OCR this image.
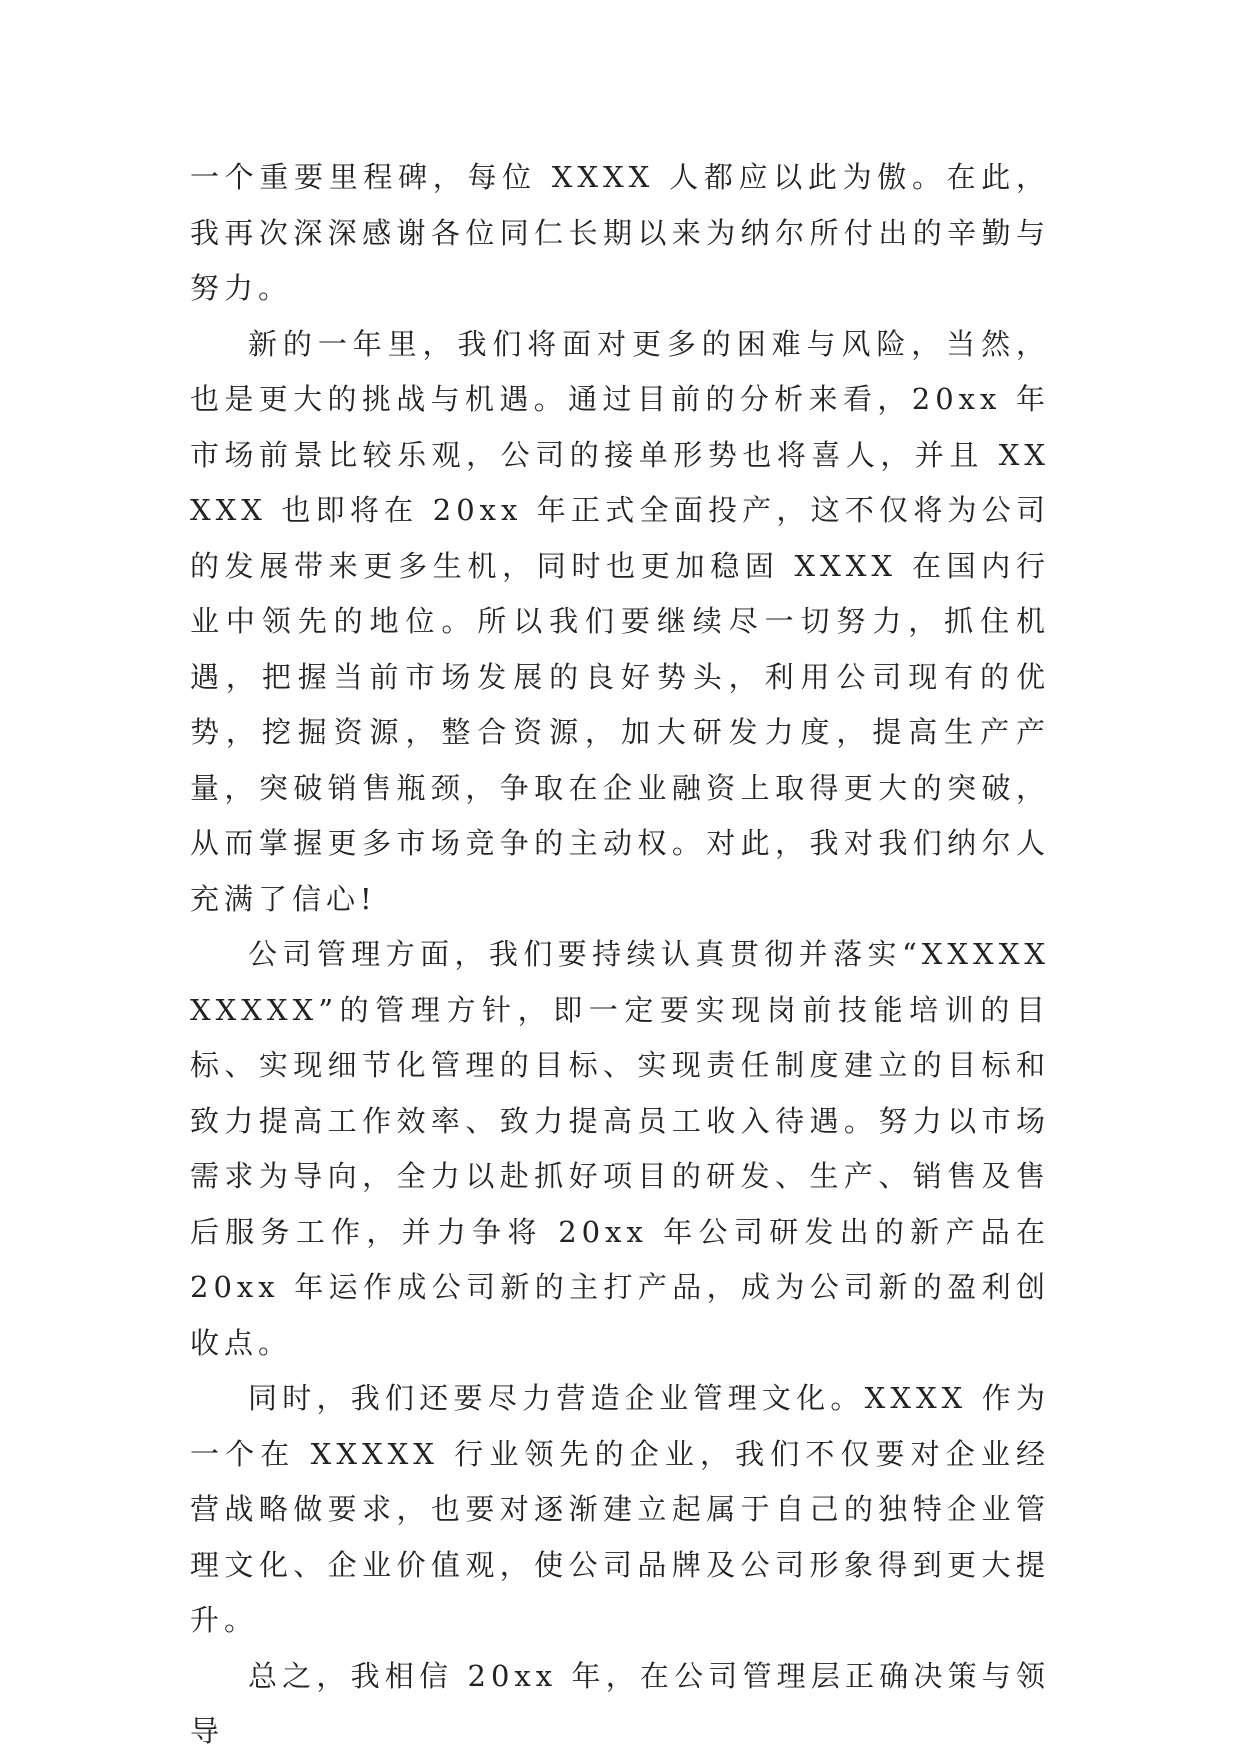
一个重要里程碑，每位 XXXX 人都应以此为傲。在此，我再次深深感谢各位同仁长期以来为纳尔所付出的辛勤与努力。

新的一年里，我们将面对更多的困难与风险，当然，也是更大的挑战与机遇。通过目前的分析来看，20xx 年市场前景比较乐观，公司的接单形势也将喜人，并且 XXXXX 也即将在 20xx 年正式全面投产，这不仅将为公司的发展带来更多生机，同时也更加稳固 XXXX 在国内行业中领先的地位。所以我们要继续尽一切努力，抓住机遇，把握当前市场发展的良好势头，利用公司现有的优势，挖掘资源，整合资源，加大研发力度，提高生产产量，突破销售瓶颈，争取在企业融资上取得更大的突破，从而掌握更多市场竞争的主动权。对此，我对我们纳尔人充满了信心!

公司管理方面，我们要持续认真贯彻并落实“XXXXXXXXXX”的管理方针，即一定要实现岗前技能培训的目标、实现细节化管理的目标、实现责任制度建立的目标和致力提高工作效率、致力提高员工收入待遇。努力以市场需求为导向，全力以赴抓好项目的研发、生产、销售及售后服务工作，并力争将 20xx 年公司研发出的新产品在 20xx 年运作成公司新的主打产品，成为公司新的盈利创收点。

同时，我们还要尽力营造企业管理文化。XXXX 作为一个在 XXXXX 行业领先的企业，我们不仅要对企业经营战略做要求，也要对逐渐建立起属于自己的独特企业管理文化、企业价值观，使公司品牌及公司形象得到更大提升。

总之，我相信 20xx 年，在公司管理层正确决策与领导
